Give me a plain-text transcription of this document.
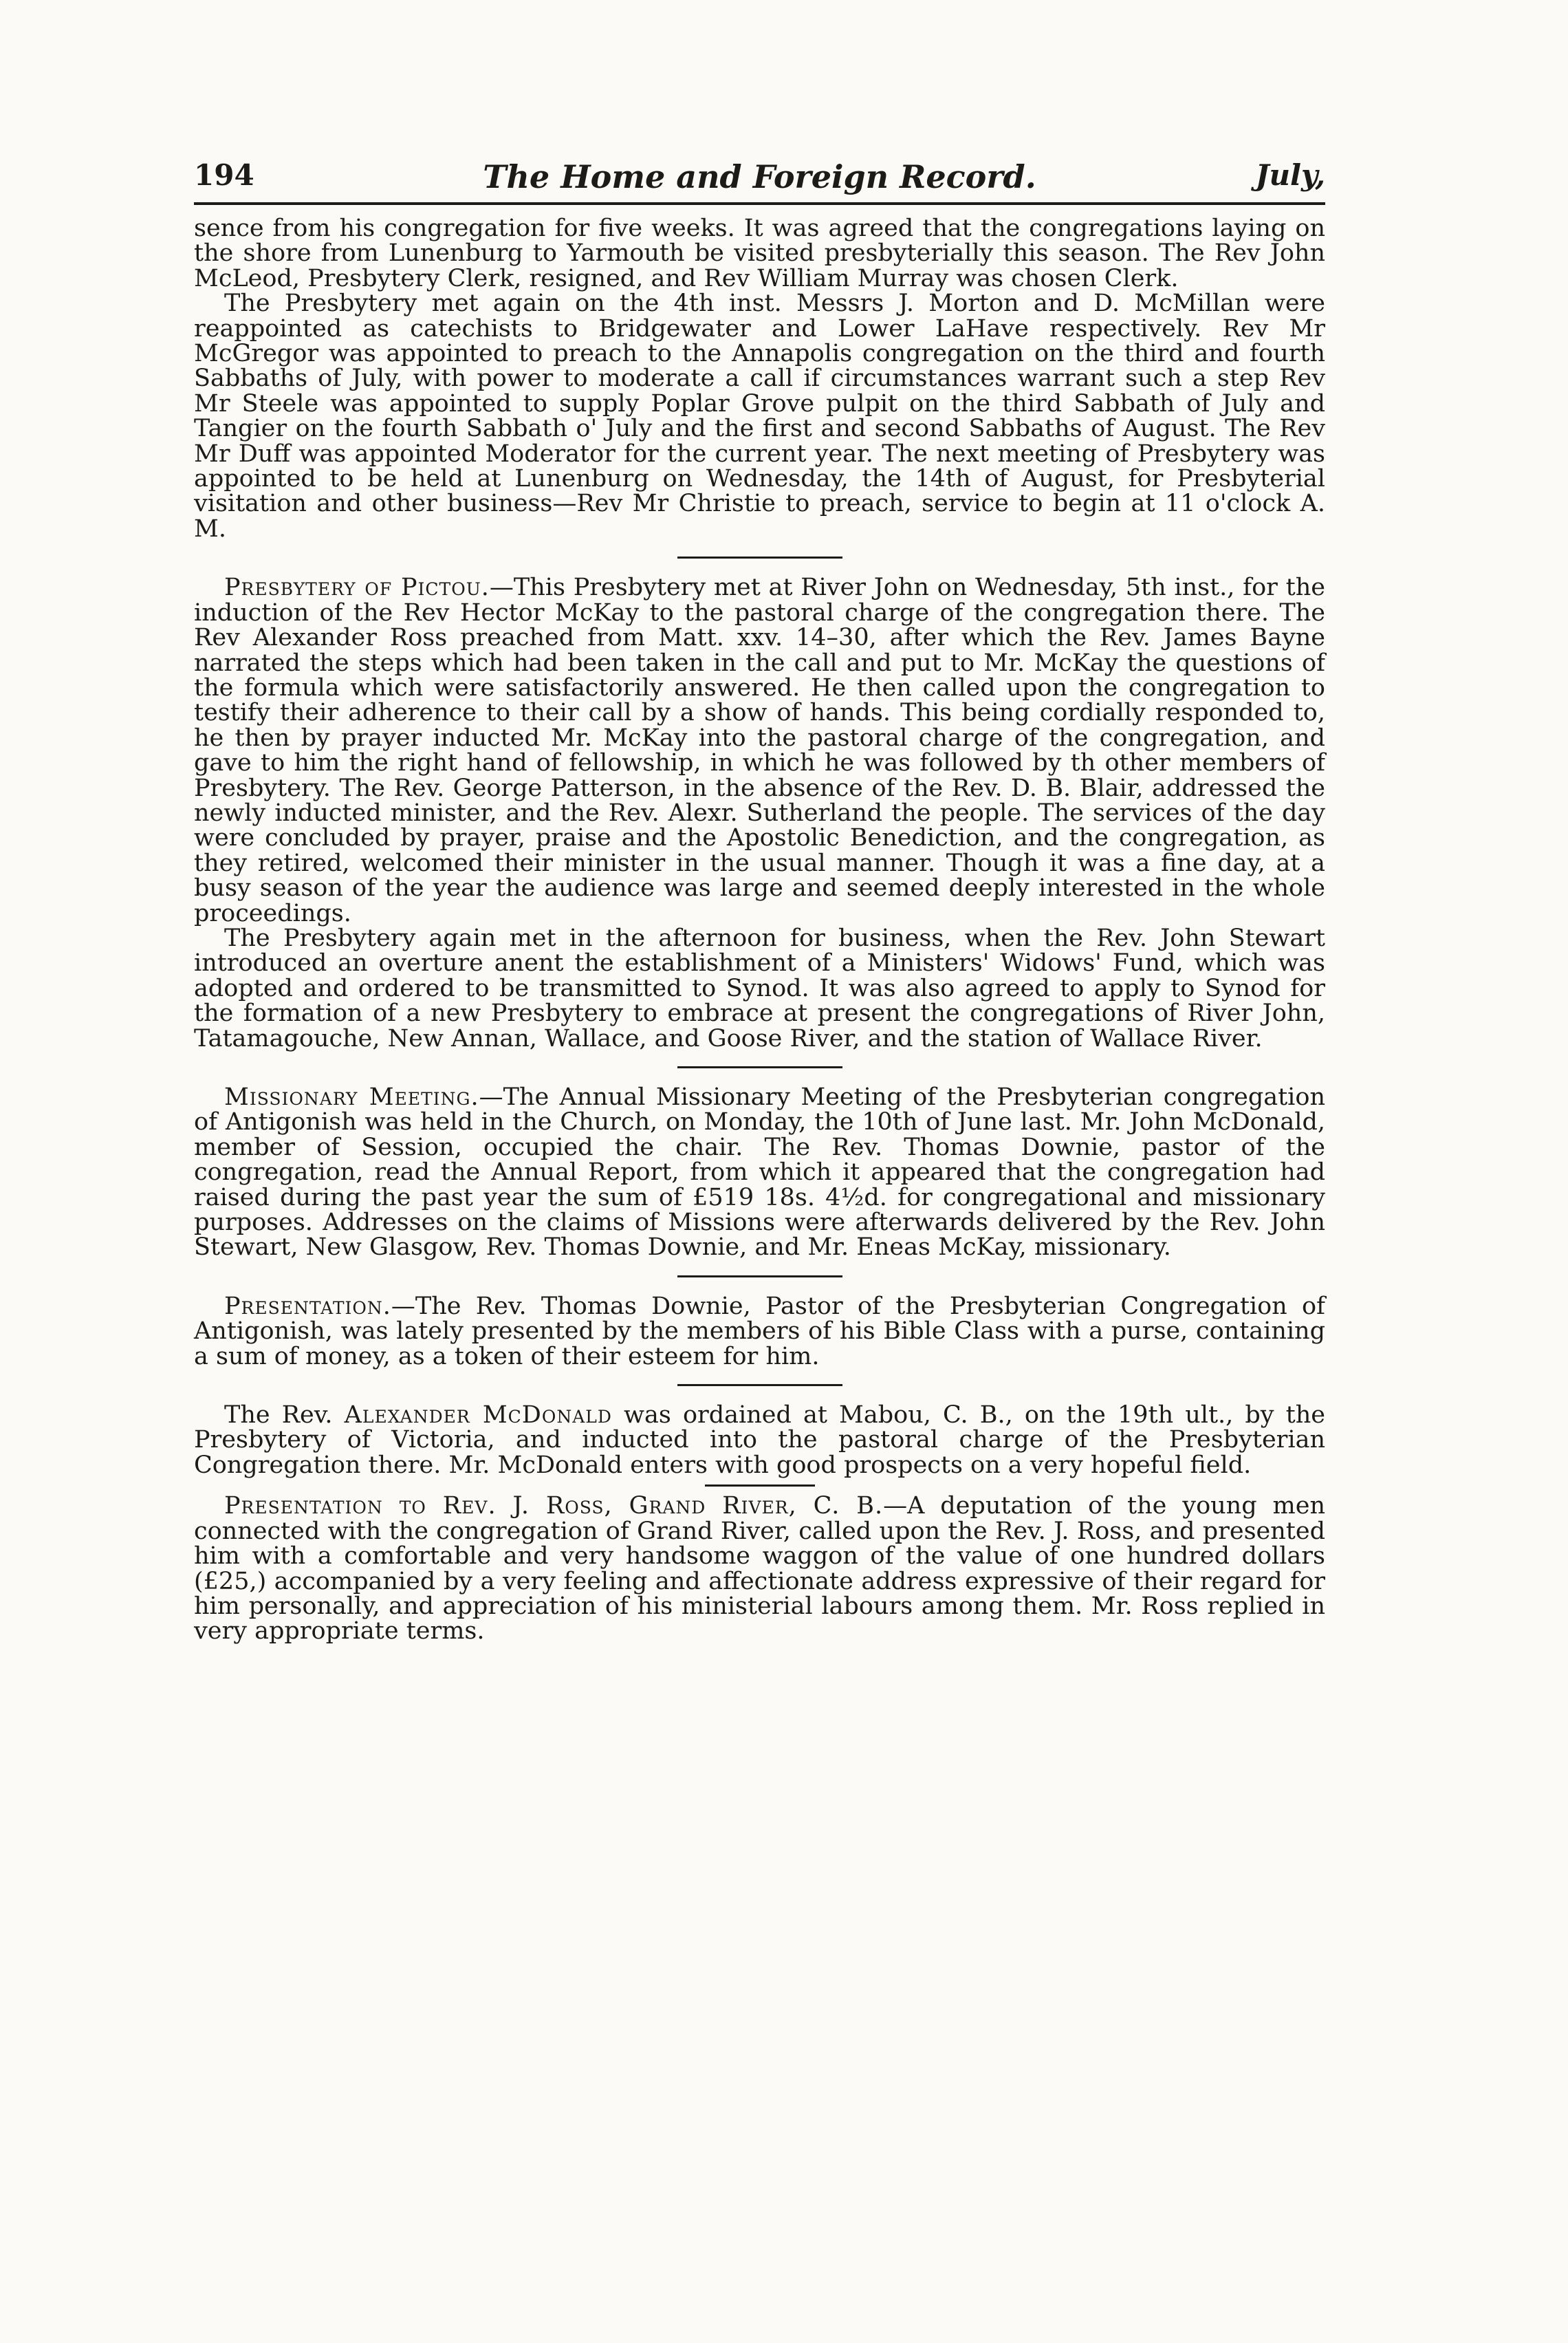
194	The Home and Foreign Record.	July,

sence from his congregation for five weeks. It was agreed that the congregations laying on the shore from Lunenburg to Yarmouth be visited presbyterially this season. The Rev John McLeod, Presbytery Clerk, resigned, and Rev William Murray was chosen Clerk.

The Presbytery met again on the 4th inst. Messrs J. Morton and D. McMillan were reappointed as catechists to Bridgewater and Lower LaHave respectively. Rev Mr McGregor was appointed to preach to the Annapolis congregation on the third and fourth Sabbaths of July, with power to moderate a call if circumstances warrant such a step Rev Mr Steele was appointed to supply Poplar Grove pulpit on the third Sabbath of July and Tangier on the fourth Sabbath o' July and the first and second Sabbaths of August. The Rev Mr Duff was appointed Moderator for the current year. The next meeting of Presbytery was appointed to be held at Lunenburg on Wednesday, the 14th of August, for Presbyterial visitation and other business—Rev Mr Christie to preach, service to begin at 11 o'clock A. M.

Presbytery of Pictou.—This Presbytery met at River John on Wednesday, 5th inst., for the induction of the Rev Hector McKay to the pastoral charge of the congregation there. The Rev Alexander Ross preached from Matt. xxv. 14–30, after which the Rev. James Bayne narrated the steps which had been taken in the call and put to Mr. McKay the questions of the formula which were satisfactorily answered. He then called upon the congregation to testify their adherence to their call by a show of hands. This being cordially responded to, he then by prayer inducted Mr. McKay into the pastoral charge of the congregation, and gave to him the right hand of fellowship, in which he was followed by th other members of Presbytery. The Rev. George Patterson, in the absence of the Rev. D. B. Blair, addressed the newly inducted minister, and the Rev. Alexr. Sutherland the people. The services of the day were concluded by prayer, praise and the Apostolic Benediction, and the congregation, as they retired, welcomed their minister in the usual manner. Though it was a fine day, at a busy season of the year the audience was large and seemed deeply interested in the whole proceedings.

The Presbytery again met in the afternoon for business, when the Rev. John Stewart introduced an overture anent the establishment of a Ministers' Widows' Fund, which was adopted and ordered to be transmitted to Synod. It was also agreed to apply to Synod for the formation of a new Presbytery to embrace at present the congregations of River John, Tatamagouche, New Annan, Wallace, and Goose River, and the station of Wallace River.

Missionary Meeting.—The Annual Missionary Meeting of the Presbyterian congregation of Antigonish was held in the Church, on Monday, the 10th of June last. Mr. John McDonald, member of Session, occupied the chair. The Rev. Thomas Downie, pastor of the congregation, read the Annual Report, from which it appeared that the congregation had raised during the past year the sum of £519 18s. 4½d. for congregational and missionary purposes. Addresses on the claims of Missions were afterwards delivered by the Rev. John Stewart, New Glasgow, Rev. Thomas Downie, and Mr. Eneas McKay, missionary.

Presentation.—The Rev. Thomas Downie, Pastor of the Presbyterian Congregation of Antigonish, was lately presented by the members of his Bible Class with a purse, containing a sum of money, as a token of their esteem for him.

The Rev. Alexander McDonald was ordained at Mabou, C. B., on the 19th ult., by the Presbytery of Victoria, and inducted into the pastoral charge of the Presbyterian Congregation there. Mr. McDonald enters with good prospects on a very hopeful field.

Presentation to Rev. J. Ross, Grand River, C. B.—A deputation of the young men connected with the congregation of Grand River, called upon the Rev. J. Ross, and presented him with a comfortable and very handsome waggon of the value of one hundred dollars (£25,) accompanied by a very feeling and affectionate address expressive of their regard for him personally, and appreciation of his ministerial labours among them. Mr. Ross replied in very appropriate terms.
